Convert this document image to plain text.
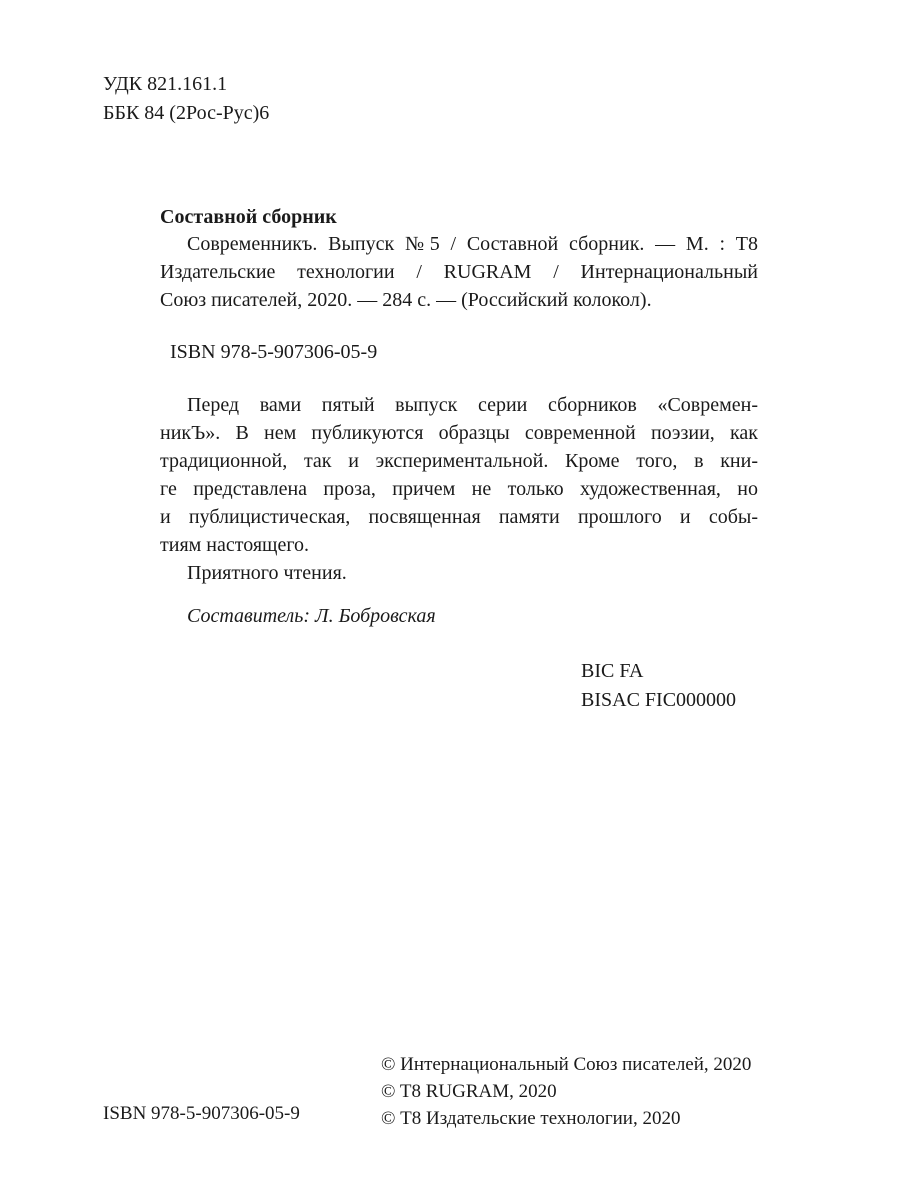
УДК 821.161.1
ББК 84 (2Рос-Рус)6
Составной сборник
Современникъ. Выпуск №5 / Составной сборник. — М. : Т8
Издательские технологии / RUGRAM / Интернациональный
Союз писателей, 2020. — 284 с. — (Российский колокол).
ISBN 978-5-907306-05-9
Перед вами пятый выпуск серии сборников «Современ-
никЪ». В нем публикуются образцы современной поэзии, как
традиционной, так и экспериментальной. Кроме того, в кни-
ге представлена проза, причем не только художественная, но
и публицистическая, посвященная памяти прошлого и собы-
тиям настоящего.
Приятного чтения.
Составитель: Л. Бобровская
BIC FA
BISAC FIC000000
© Интернациональный Союз писателей, 2020
© T8 RUGRAM, 2020
© Т8 Издательские технологии, 2020
ISBN 978-5-907306-05-9
